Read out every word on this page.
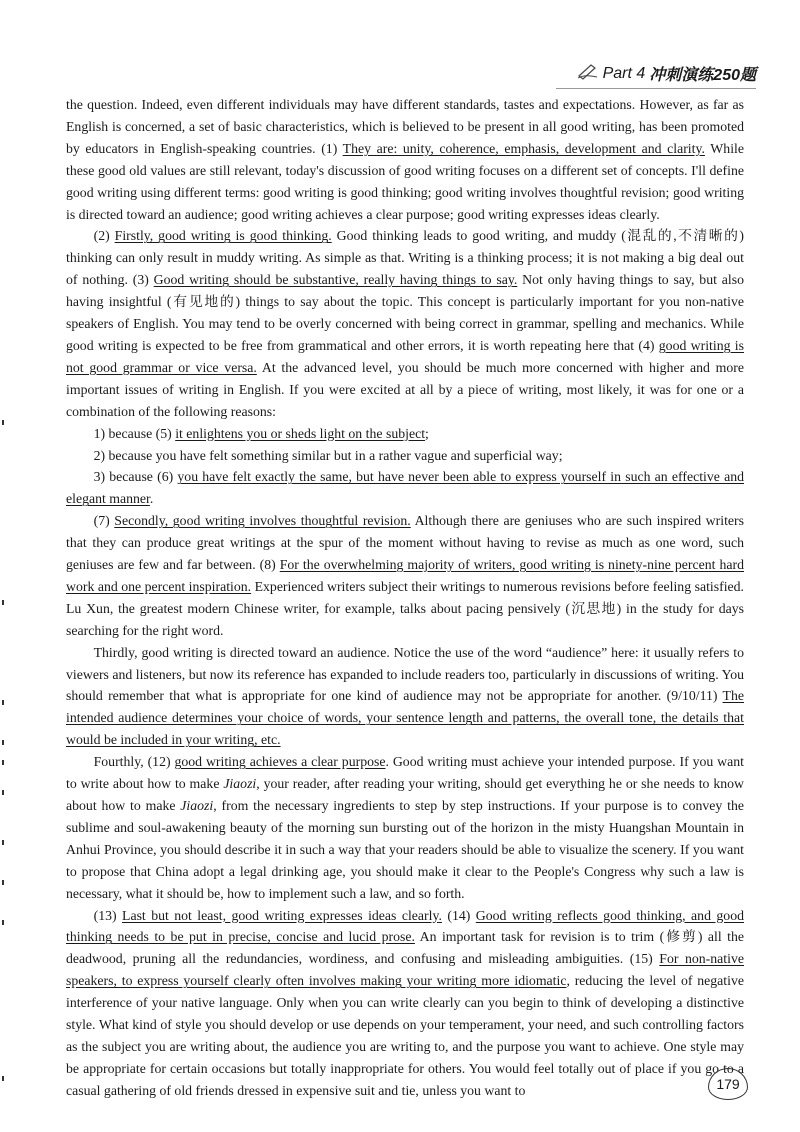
Part 4 冲刺演练250题

the question. Indeed, even different individuals may have different standards, tastes and expectations. However, as far as English is concerned, a set of basic characteristics, which is believed to be present in all good writing, has been promoted by educators in English-speaking countries. (1) They are: unity, coherence, emphasis, development and clarity. While these good old values are still relevant, today's discussion of good writing focuses on a different set of concepts. I'll define good writing using different terms: good writing is good thinking; good writing involves thoughtful revision; good writing is directed toward an audience; good writing achieves a clear purpose; good writing expresses ideas clearly.

(2) Firstly, good writing is good thinking. Good thinking leads to good writing, and muddy (混乱的,不清晰的) thinking can only result in muddy writing. As simple as that. Writing is a thinking process; it is not making a big deal out of nothing. (3) Good writing should be substantive, really having things to say. Not only having things to say, but also having insightful (有见地的) things to say about the topic. This concept is particularly important for you non-native speakers of English. You may tend to be overly concerned with being correct in grammar, spelling and mechanics. While good writing is expected to be free from grammatical and other errors, it is worth repeating here that (4) good writing is not good grammar or vice versa. At the advanced level, you should be much more concerned with higher and more important issues of writing in English. If you were excited at all by a piece of writing, most likely, it was for one or a combination of the following reasons:

1) because (5) it enlightens you or sheds light on the subject;

2) because you have felt something similar but in a rather vague and superficial way;

3) because (6) you have felt exactly the same, but have never been able to express yourself in such an effective and elegant manner.

(7) Secondly, good writing involves thoughtful revision. Although there are geniuses who are such inspired writers that they can produce great writings at the spur of the moment without having to revise as much as one word, such geniuses are few and far between. (8) For the overwhelming majority of writers, good writing is ninety-nine percent hard work and one percent inspiration. Experienced writers subject their writings to numerous revisions before feeling satisfied. Lu Xun, the greatest modern Chinese writer, for example, talks about pacing pensively (沉思地) in the study for days searching for the right word.

Thirdly, good writing is directed toward an audience. Notice the use of the word “audience” here: it usually refers to viewers and listeners, but now its reference has expanded to include readers too, particularly in discussions of writing. You should remember that what is appropriate for one kind of audience may not be appropriate for another. (9/10/11) The intended audience determines your choice of words, your sentence length and patterns, the overall tone, the details that would be included in your writing, etc.

Fourthly, (12) good writing achieves a clear purpose. Good writing must achieve your intended purpose. If you want to write about how to make Jiaozi, your reader, after reading your writing, should get everything he or she needs to know about how to make Jiaozi, from the necessary ingredients to step by step instructions. If your purpose is to convey the sublime and soul-awakening beauty of the morning sun bursting out of the horizon in the misty Huangshan Mountain in Anhui Province, you should describe it in such a way that your readers should be able to visualize the scenery. If you want to propose that China adopt a legal drinking age, you should make it clear to the People's Congress why such a law is necessary, what it should be, how to implement such a law, and so forth.

(13) Last but not least, good writing expresses ideas clearly. (14) Good writing reflects good thinking, and good thinking needs to be put in precise, concise and lucid prose. An important task for revision is to trim (修剪) all the deadwood, pruning all the redundancies, wordiness, and confusing and misleading ambiguities. (15) For non-native speakers, to express yourself clearly often involves making your writing more idiomatic, reducing the level of negative interference of your native language. Only when you can write clearly can you begin to think of developing a distinctive style. What kind of style you should develop or use depends on your temperament, your need, and such controlling factors as the subject you are writing about, the audience you are writing to, and the purpose you want to achieve. One style may be appropriate for certain occasions but totally inappropriate for others. You would feel totally out of place if you go to a casual gathering of old friends dressed in expensive suit and tie, unless you want to	179
